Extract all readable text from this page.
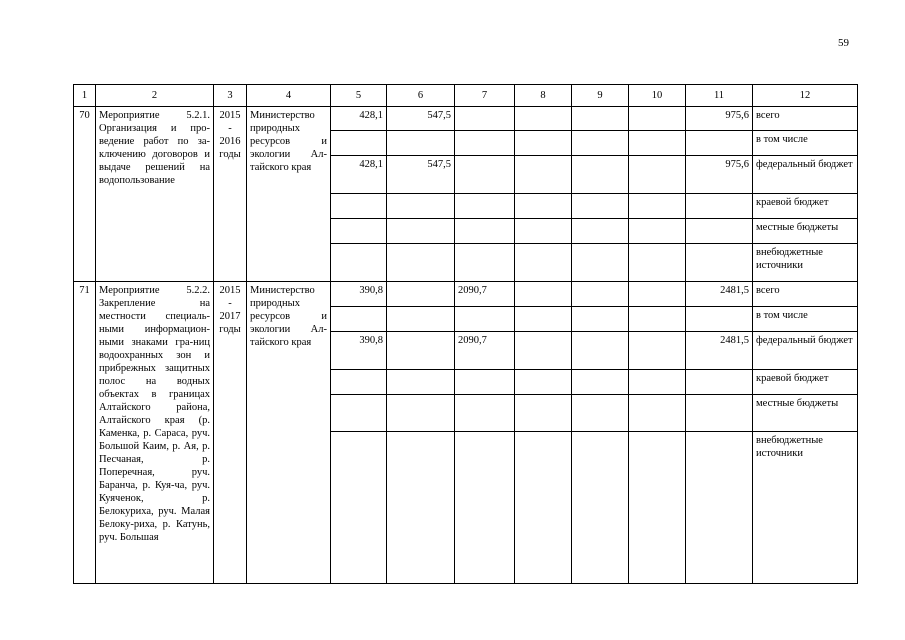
59
1	2	3	4	5	6	7	8	9	10	11	12
70	Мероприятие 5.2.1. Организация и про-ведение работ по за-ключению договоров и выдаче решений на водопользование	2015 - 2016 годы	Министерство природных ресурсов и экологии Ал-тайского края	428,1	547,5					975,6	всего
											в том числе
				428,1	547,5					975,6	федеральный бюджет
											краевой бюджет
											местные бюджеты
											внебюджетные источники
71	Мероприятие 5.2.2. Закрепление на местности специаль-ными информацион-ными знаками гра-ниц водоохранных зон и прибрежных защитных полос на водных объектах в границах Алтайского района, Алтайского края (р. Каменка, р. Сараса, руч. Большой Каим, р. Ая, р. Песчаная, р. Поперечная, руч. Баранча, р. Куя-ча, руч. Куяченок, р. Белокуриха, руч. Малая Белоку-риха, р. Катунь, руч. Большая	2015 - 2017 годы	Министерство природных ресурсов и экологии Ал-тайского края	390,8		2090,7				2481,5	всего
											в том числе
				390,8		2090,7				2481,5	федеральный бюджет
											краевой бюджет
											местные бюджеты
											внебюджетные источники
